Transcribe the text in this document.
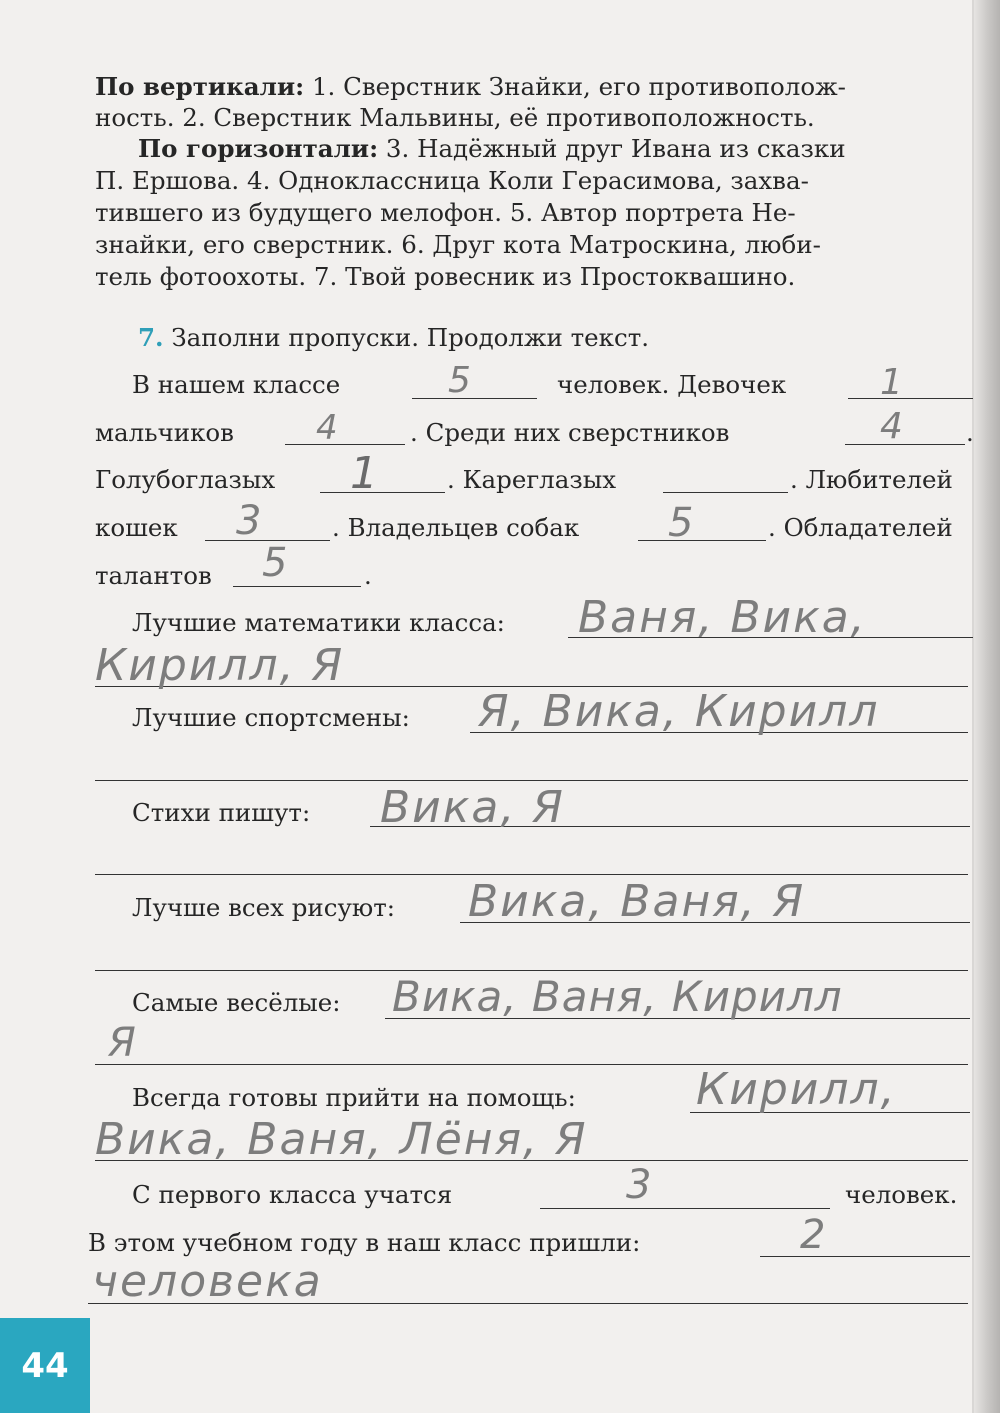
По вертикали: 1. Сверстник Знайки, его противополож-
ность. 2. Сверстник Мальвины, её противоположность.
По горизонтали: 3. Надёжный друг Ивана из сказки
П. Ершова. 4. Одноклассница Коли Герасимова, захва-
тившего из будущего мелофон. 5. Автор портрета Не-
знайки, его сверстник. 6. Друг кота Матроскина, люби-
тель фотоохоты. 7. Твой ровесник из Простоквашино.
7. Заполни пропуски. Продолжи текст.
В нашем классе	5	человек. Девочек	1
мальчиков 4	. Среди них сверстников	4 .
Голубоглазых 1	. Кареглазых	. Любителей
кошек 3	. Владельцев собак 5	. Обладателей
талантов 5	.
Лучшие математики класса: Ваня, Вика,
Кирилл, Я
Лучшие спортсмены: Я, Вика, Кирилл
Стихи пишут: Вика, Я
Лучше всех рисуют: Вика, Ваня, Я
Самые весёлые: Вика, Ваня, Кирилл
Я
Всегда готовы прийти на помощь:	Кирилл,
Вика, Ваня, Лёня, Я
С первого класса учатся	3	человек.
В этом учебном году в наш класс пришли:	2
человека
44
